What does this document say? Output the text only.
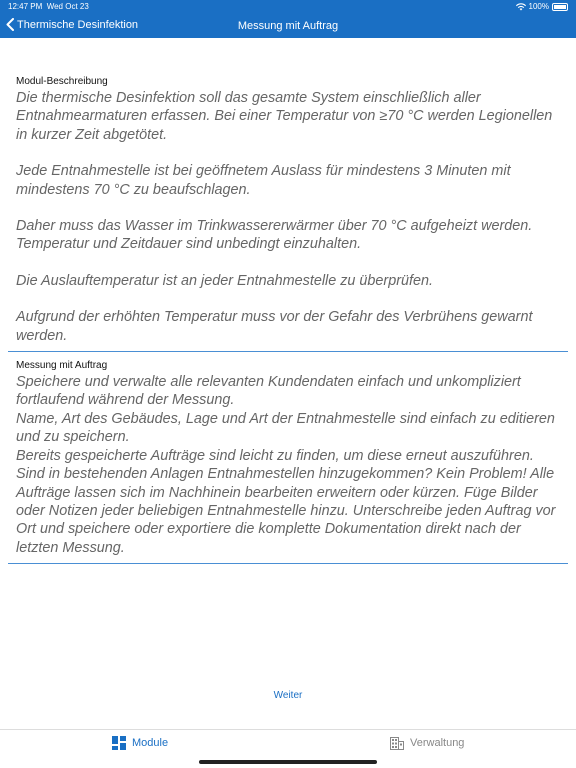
12:47 PM Wed Oct 23	100%
Thermische Desinfektion	Messung mit Auftrag
Modul-Beschreibung

Die thermische Desinfektion soll das gesamte System einschließlich aller Entnahmearmaturen erfassen. Bei einer Temperatur von ≥70 °C werden Legionellen in kurzer Zeit abgetötet.

Jede Entnahmestelle ist bei geöffnetem Auslass für mindestens 3 Minuten mit mindestens 70 °C zu beaufschlagen.

Daher muss das Wasser im Trinkwassererwärmer über 70 °C aufgeheizt werden. Temperatur und Zeitdauer sind unbedingt einzuhalten.

Die Auslauftemperatur ist an jeder Entnahmestelle zu überprüfen.

Aufgrund der erhöhten Temperatur muss vor der Gefahr des Verbrühens gewarnt werden.

Messung mit Auftrag

Speichere und verwalte alle relevanten Kundendaten einfach und unkompliziert fortlaufend während der Messung.

Name, Art des Gebäudes, Lage und Art der Entnahmestelle sind einfach zu editieren und zu speichern.

Bereits gespeicherte Aufträge sind leicht zu finden, um diese erneut auszuführen. Sind in bestehenden Anlagen Entnahmestellen hinzugekommen? Kein Problem! Alle Aufträge lassen sich im Nachhinein bearbeiten erweitern oder kürzen. Füge Bilder oder Notizen jeder beliebigen Entnahmestelle hinzu. Unterschreibe jeden Auftrag vor Ort und speichere oder exportiere die komplette Dokumentation direkt nach der letzten Messung.

Weiter
Module	Verwaltung
